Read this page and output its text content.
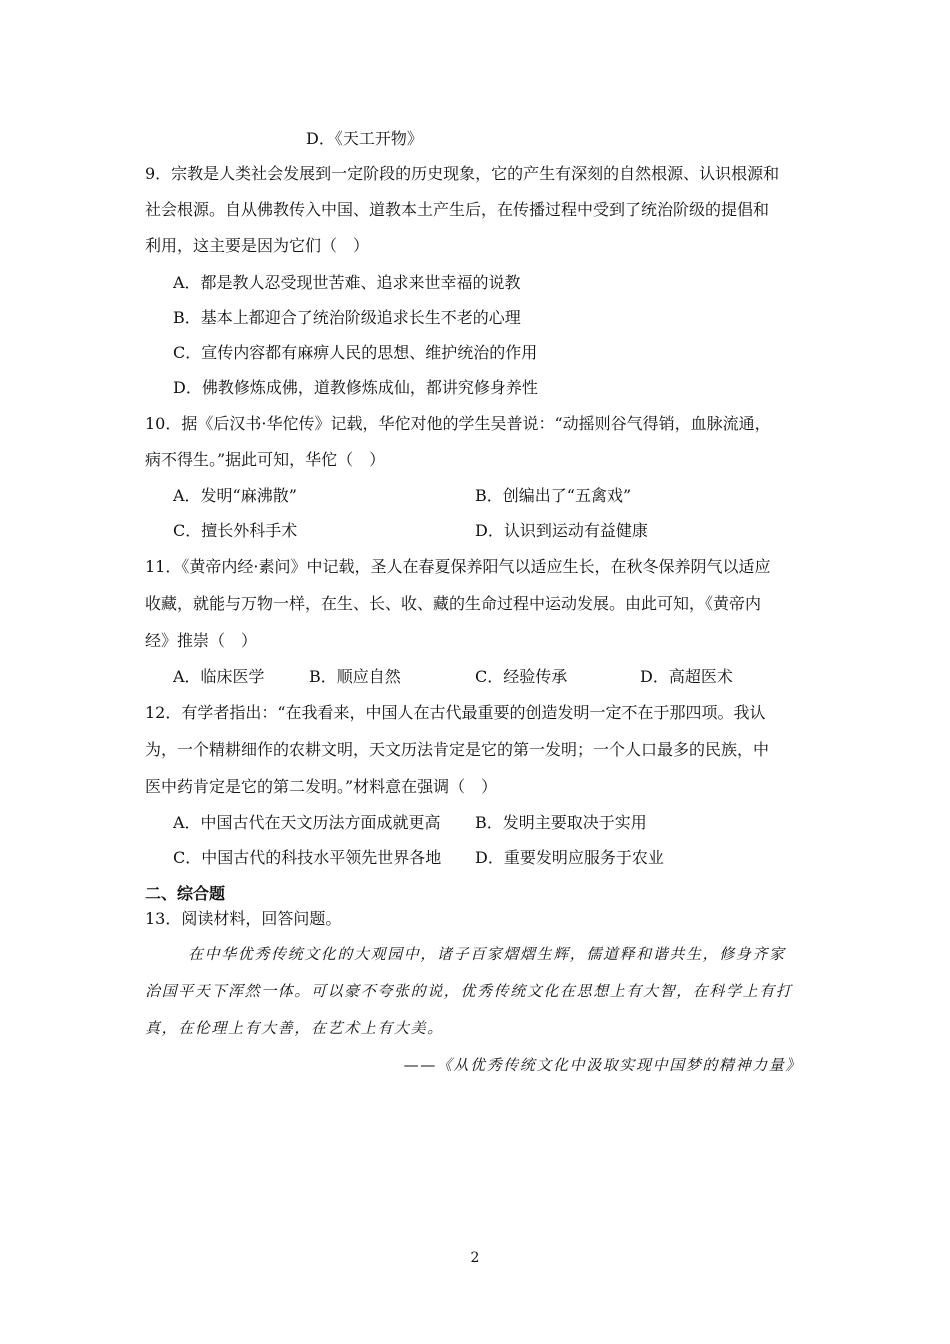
D．《天工开物》
9．宗教是人类社会发展到一定阶段的历史现象，它的产生有深刻的自然根源、认识根源和
社会根源。自从佛教传入中国、道教本土产生后，在传播过程中受到了统治阶级的提倡和
利用，这主要是因为它们（　）
A．都是教人忍受现世苦难、追求来世幸福的说教
B．基本上都迎合了统治阶级追求长生不老的心理
C．宣传内容都有麻痹人民的思想、维护统治的作用
D．佛教修炼成佛，道教修炼成仙，都讲究修身养性
10．据《后汉书·华佗传》记载，华佗对他的学生吴普说：“动摇则谷气得销，血脉流通，
病不得生。”据此可知，华佗（　）
A．发明“麻沸散”	B．创编出了“五禽戏”
C．擅长外科手术	D．认识到运动有益健康
11．《黄帝内经·素问》中记载，圣人在春夏保养阳气以适应生长，在秋冬保养阴气以适应
收藏，就能与万物一样，在生、长、收、藏的生命过程中运动发展。由此可知，《黄帝内
经》推崇（　）
A．临床医学	B．顺应自然	C．经验传承	D．高超医术
12．有学者指出：“在我看来，中国人在古代最重要的创造发明一定不在于那四项。我认
为，一个精耕细作的农耕文明，天文历法肯定是它的第一发明；一个人口最多的民族，中
医中药肯定是它的第二发明。”材料意在强调（　）
A．中国古代在天文历法方面成就更高 B．发明主要取决于实用
C．中国古代的科技水平领先世界各地 D．重要发明应服务于农业
二、综合题
13．阅读材料，回答问题。
在中华优秀传统文化的大观园中，诸子百家熠熠生辉，儒道释和谐共生，修身齐家
治国平天下浑然一体。可以豪不夸张的说，优秀传统文化在思想上有大智，在科学上有打
真，在伦理上有大善，在艺术上有大美。
——《从优秀传统文化中汲取实现中国梦的精神力量》
2
